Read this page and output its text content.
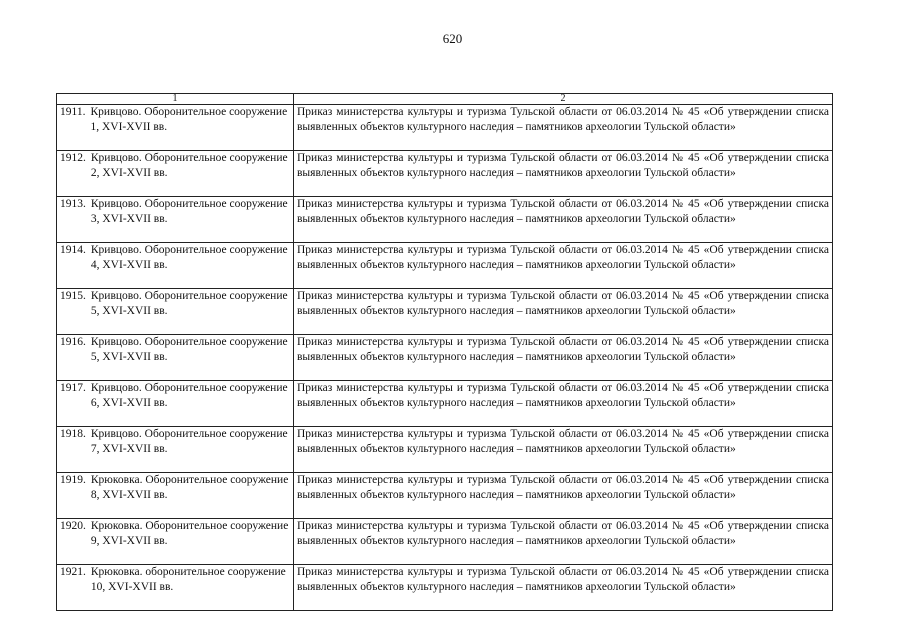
620
1	2

1911. Кривцово. Оборонительное сооружение 1, XVI-XVII вв.	Приказ министерства культуры и туризма Тульской области от 06.03.2014 № 45 «Об утверждении списка выявленных объектов культурного наследия – памятников археологии Тульской области»

1912. Кривцово. Оборонительное сооружение 2, XVI-XVII вв.	Приказ министерства культуры и туризма Тульской области от 06.03.2014 № 45 «Об утверждении списка выявленных объектов культурного наследия – памятников археологии Тульской области»

1913. Кривцово. Оборонительное сооружение 3, XVI-XVII вв.	Приказ министерства культуры и туризма Тульской области от 06.03.2014 № 45 «Об утверждении списка выявленных объектов культурного наследия – памятников археологии Тульской области»

1914. Кривцово. Оборонительное сооружение 4, XVI-XVII вв.	Приказ министерства культуры и туризма Тульской области от 06.03.2014 № 45 «Об утверждении списка выявленных объектов культурного наследия – памятников археологии Тульской области»

1915. Кривцово. Оборонительное сооружение 5, XVI-XVII вв.	Приказ министерства культуры и туризма Тульской области от 06.03.2014 № 45 «Об утверждении списка выявленных объектов культурного наследия – памятников археологии Тульской области»

1916. Кривцово. Оборонительное сооружение 5, XVI-XVII вв.	Приказ министерства культуры и туризма Тульской области от 06.03.2014 № 45 «Об утверждении списка выявленных объектов культурного наследия – памятников археологии Тульской области»

1917. Кривцово. Оборонительное сооружение 6, XVI-XVII вв.	Приказ министерства культуры и туризма Тульской области от 06.03.2014 № 45 «Об утверждении списка выявленных объектов культурного наследия – памятников археологии Тульской области»

1918. Кривцово. Оборонительное сооружение 7, XVI-XVII вв.	Приказ министерства культуры и туризма Тульской области от 06.03.2014 № 45 «Об утверждении списка выявленных объектов культурного наследия – памятников археологии Тульской области»

1919. Крюковка. Оборонительное сооружение 8, XVI-XVII вв.	Приказ министерства культуры и туризма Тульской области от 06.03.2014 № 45 «Об утверждении списка выявленных объектов культурного наследия – памятников археологии Тульской области»

1920. Крюковка. Оборонительное сооружение 9, XVI-XVII вв.	Приказ министерства культуры и туризма Тульской области от 06.03.2014 № 45 «Об утверждении списка выявленных объектов культурного наследия – памятников археологии Тульской области»

1921. Крюковка. оборонительное сооружение 10, XVI-XVII вв.	Приказ министерства культуры и туризма Тульской области от 06.03.2014 № 45 «Об утверждении списка выявленных объектов культурного наследия – памятников археологии Тульской области»
